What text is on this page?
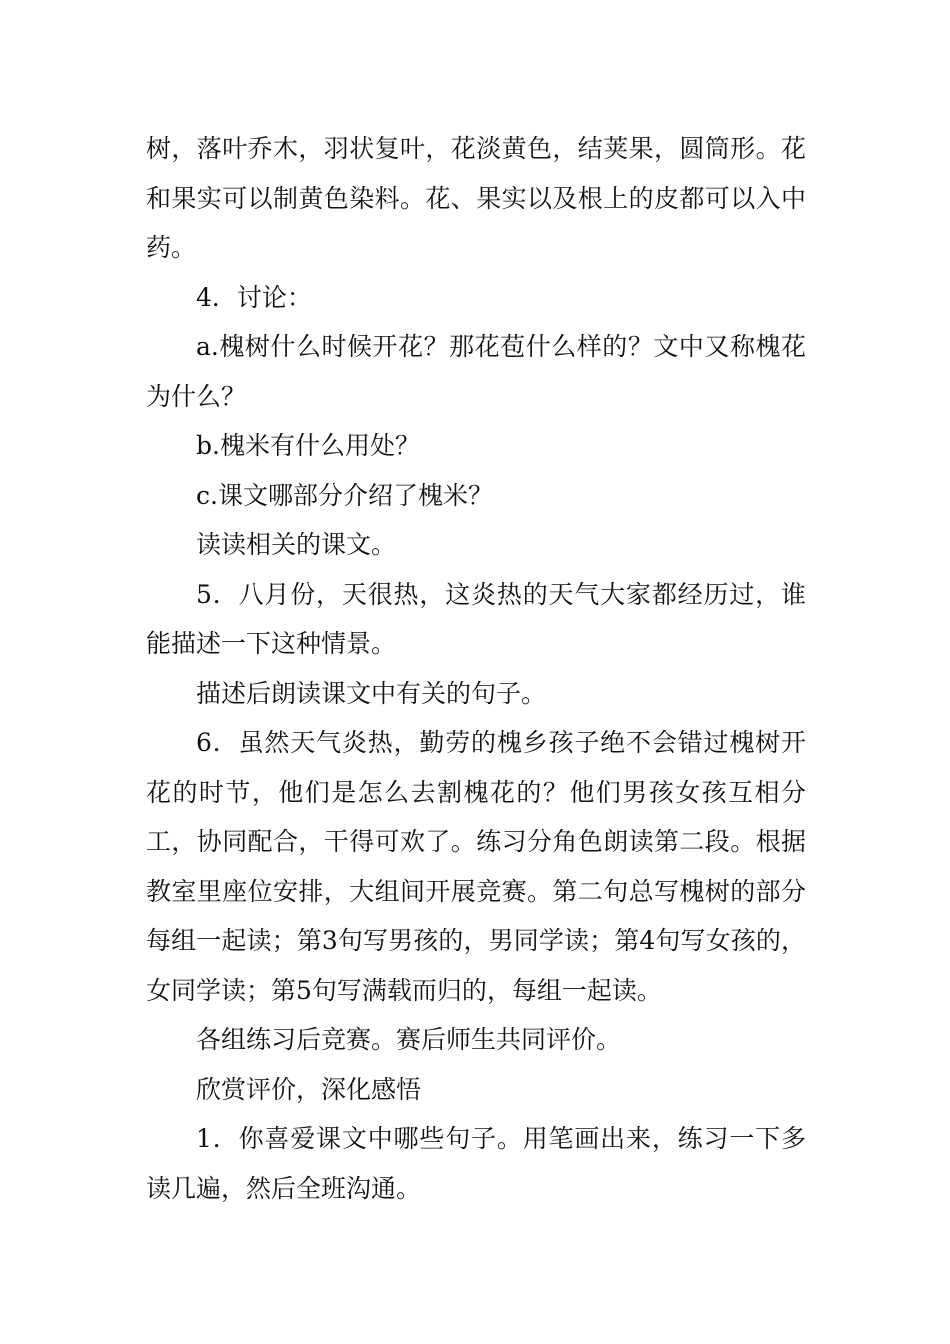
树，落叶乔木，羽状复叶，花淡黄色，结荚果，圆筒形。花和果实可以制黄色染料。花、果实以及根上的皮都可以入中药。

4．讨论：

a.槐树什么时候开花？那花苞什么样的？文中又称槐花为什么？

b.槐米有什么用处？

c.课文哪部分介绍了槐米？

读读相关的课文。

5．八月份，天很热，这炎热的天气大家都经历过，谁能描述一下这种情景。

描述后朗读课文中有关的句子。

6．虽然天气炎热，勤劳的槐乡孩子绝不会错过槐树开花的时节，他们是怎么去割槐花的？他们男孩女孩互相分工，协同配合，干得可欢了。练习分角色朗读第二段。根据教室里座位安排，大组间开展竞赛。第二句总写槐树的部分每组一起读；第3句写男孩的，男同学读；第4句写女孩的，女同学读；第5句写满载而归的，每组一起读。

各组练习后竞赛。赛后师生共同评价。

欣赏评价，深化感悟

1．你喜爱课文中哪些句子。用笔画出来，练习一下多读几遍，然后全班沟通。
